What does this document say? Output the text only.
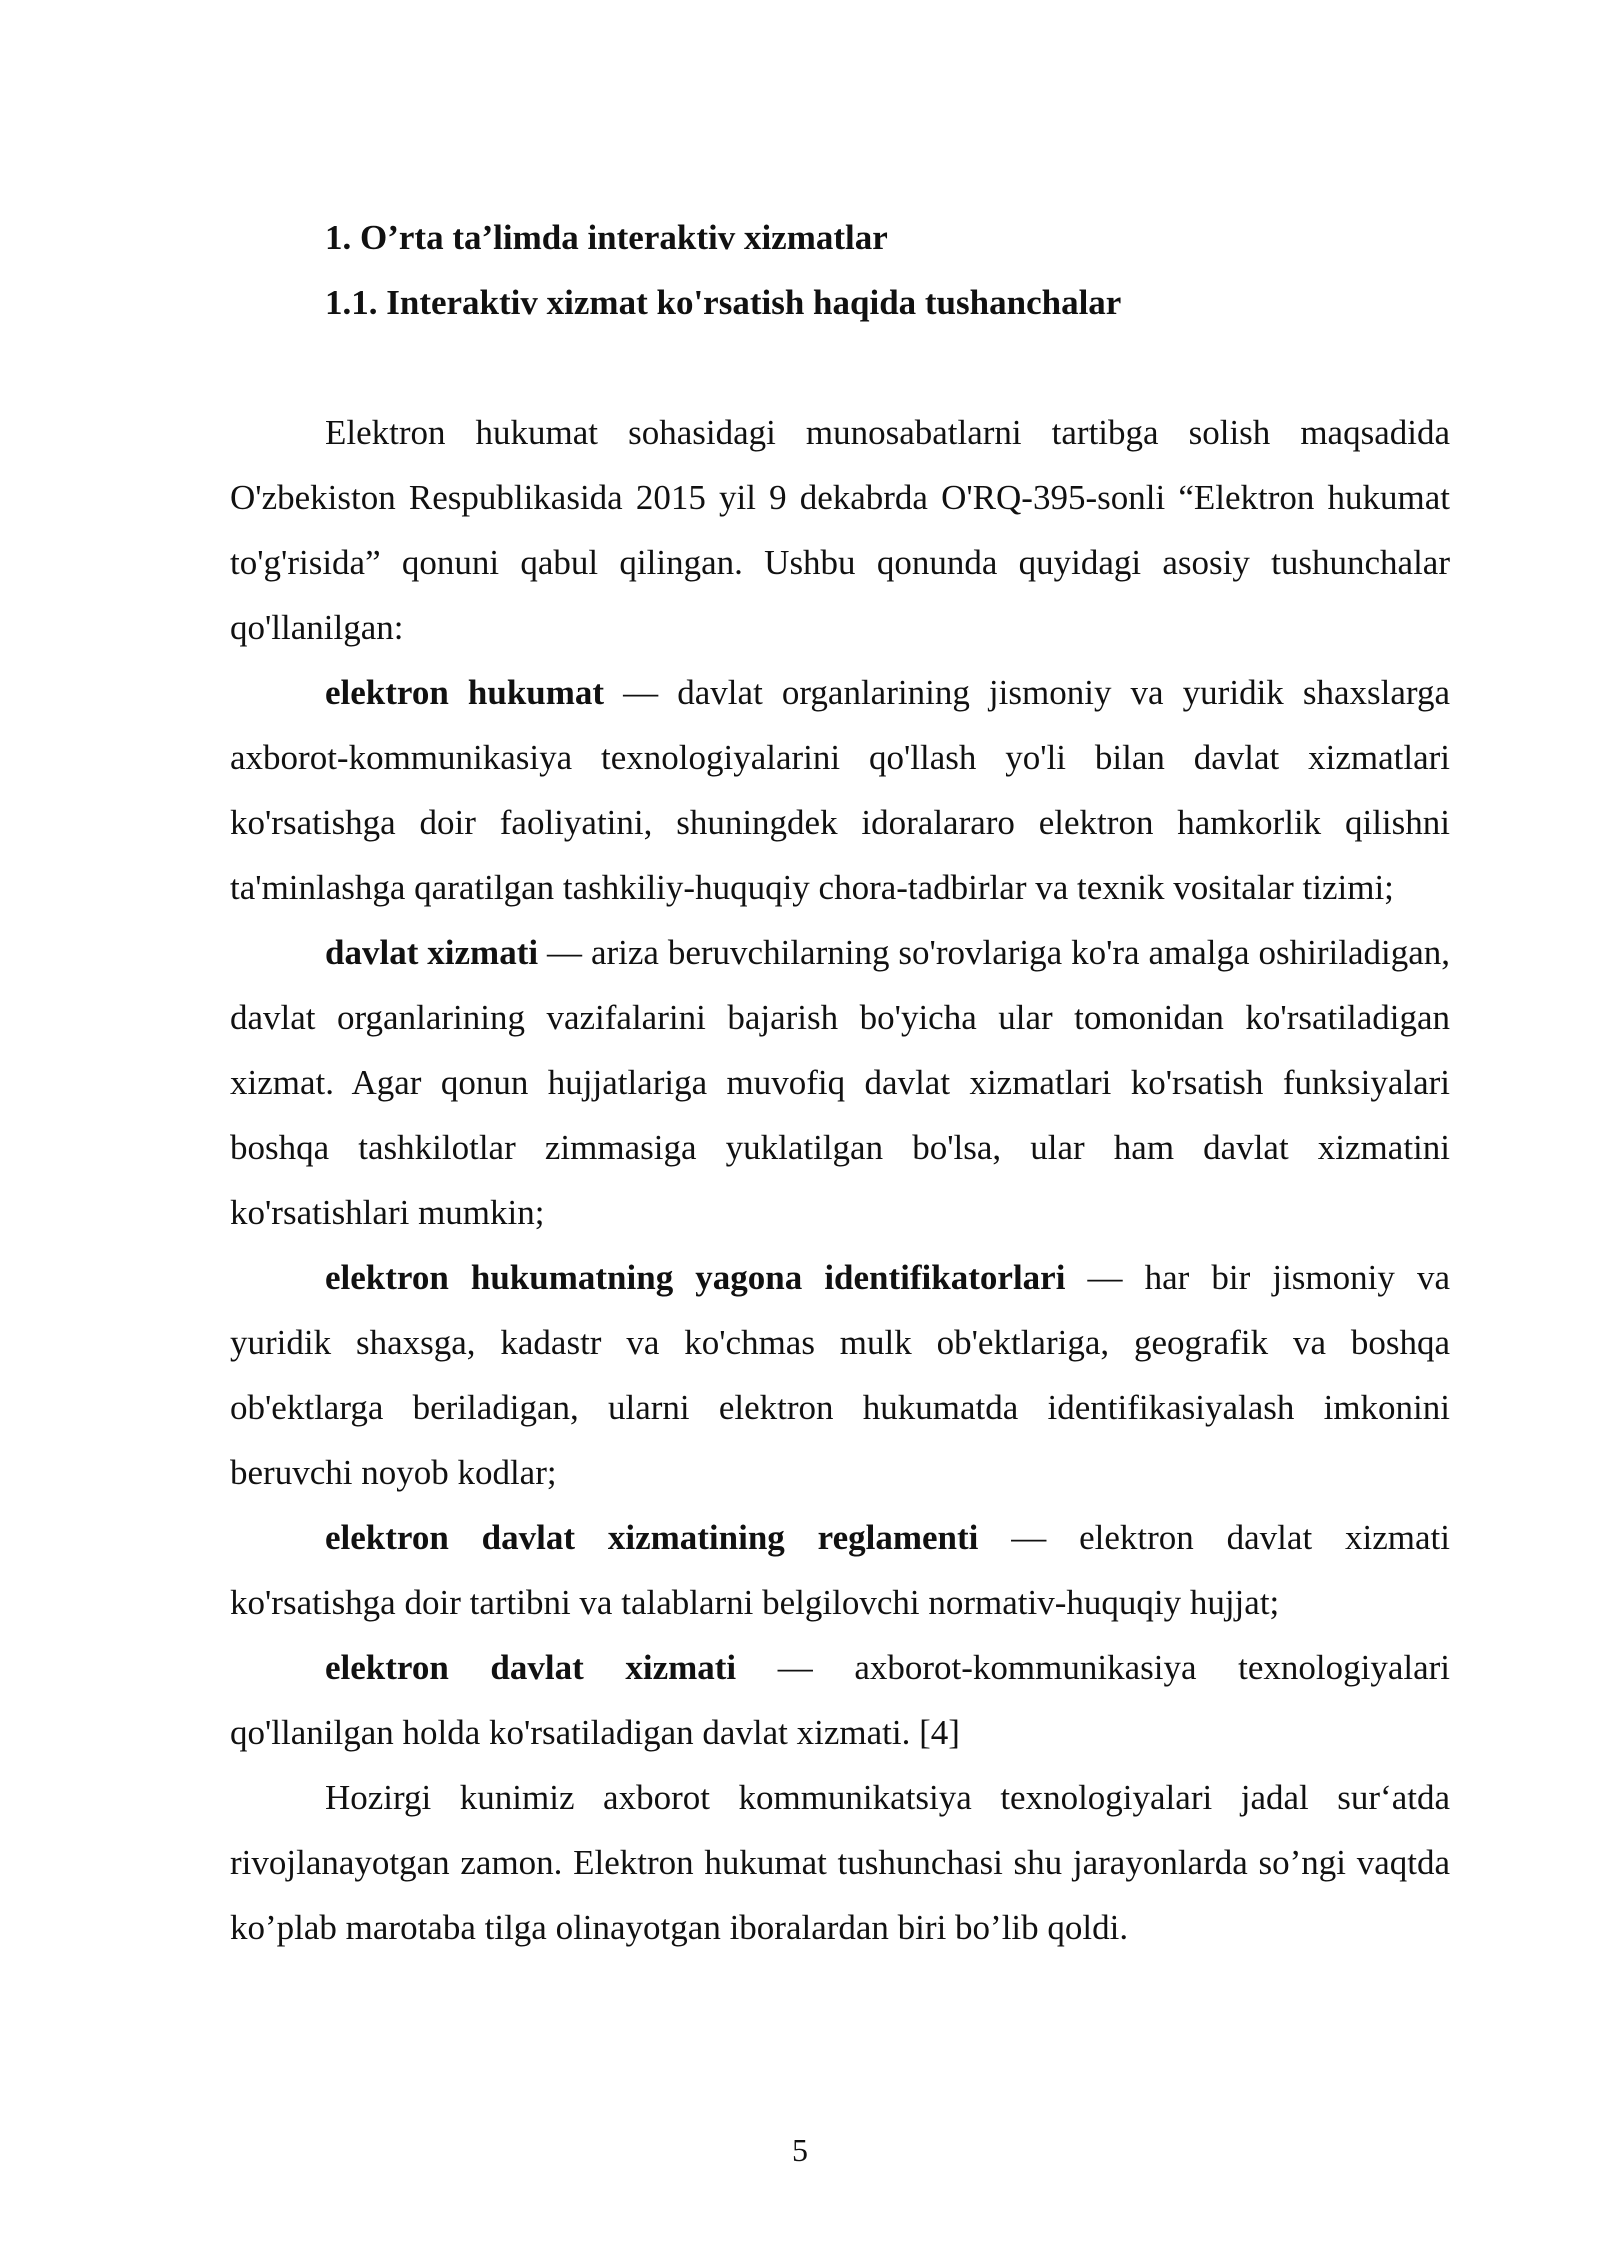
1. O’rta ta’limda interaktiv xizmatlar

1.1. Interaktiv xizmat ko'rsatish haqida tushanchalar

Elektron hukumat sohasidagi munosabatlarni tartibga solish maqsadida O'zbekiston Respublikasida 2015 yil 9 dekabrda O'RQ-395-sonli “Elektron hukumat to'g'risida” qonuni qabul qilingan. Ushbu qonunda quyidagi asosiy tushunchalar qo'llanilgan:

elektron hukumat — davlat organlarining jismoniy va yuridik shaxslarga axborot-kommunikasiya texnologiyalarini qo'llash yo'li bilan davlat xizmatlari ko'rsatishga doir faoliyatini, shuningdek idoralararo elektron hamkorlik qilishni ta'minlashga qaratilgan tashkiliy-huquqiy chora-tadbirlar va texnik vositalar tizimi;

davlat xizmati — ariza beruvchilarning so'rovlariga ko'ra amalga oshiriladigan, davlat organlarining vazifalarini bajarish bo'yicha ular tomonidan ko'rsatiladigan xizmat. Agar qonun hujjatlariga muvofiq davlat xizmatlari ko'rsatish funksiyalari boshqa tashkilotlar zimmasiga yuklatilgan bo'lsa, ular ham davlat xizmatini ko'rsatishlari mumkin;

elektron hukumatning yagona identifikatorlari — har bir jismoniy va yuridik shaxsga, kadastr va ko'chmas mulk ob'ektlariga, geografik va boshqa ob'ektlarga beriladigan, ularni elektron hukumatda identifikasiyalash imkonini beruvchi noyob kodlar;

elektron davlat xizmatining reglamenti — elektron davlat xizmati ko'rsatishga doir tartibni va talablarni belgilovchi normativ-huquqiy hujjat;

elektron davlat xizmati — axborot-kommunikasiya texnologiyalari qo'llanilgan holda ko'rsatiladigan davlat xizmati. [4]

Hozirgi kunimiz axborot kommunikatsiya texnologiyalari jadal sur‘atda rivojlanayotgan zamon. Elektron hukumat tushunchasi shu jarayonlarda so’ngi vaqtda ko’plab marotaba tilga olinayotgan iboralardan biri bo’lib qoldi.

5
